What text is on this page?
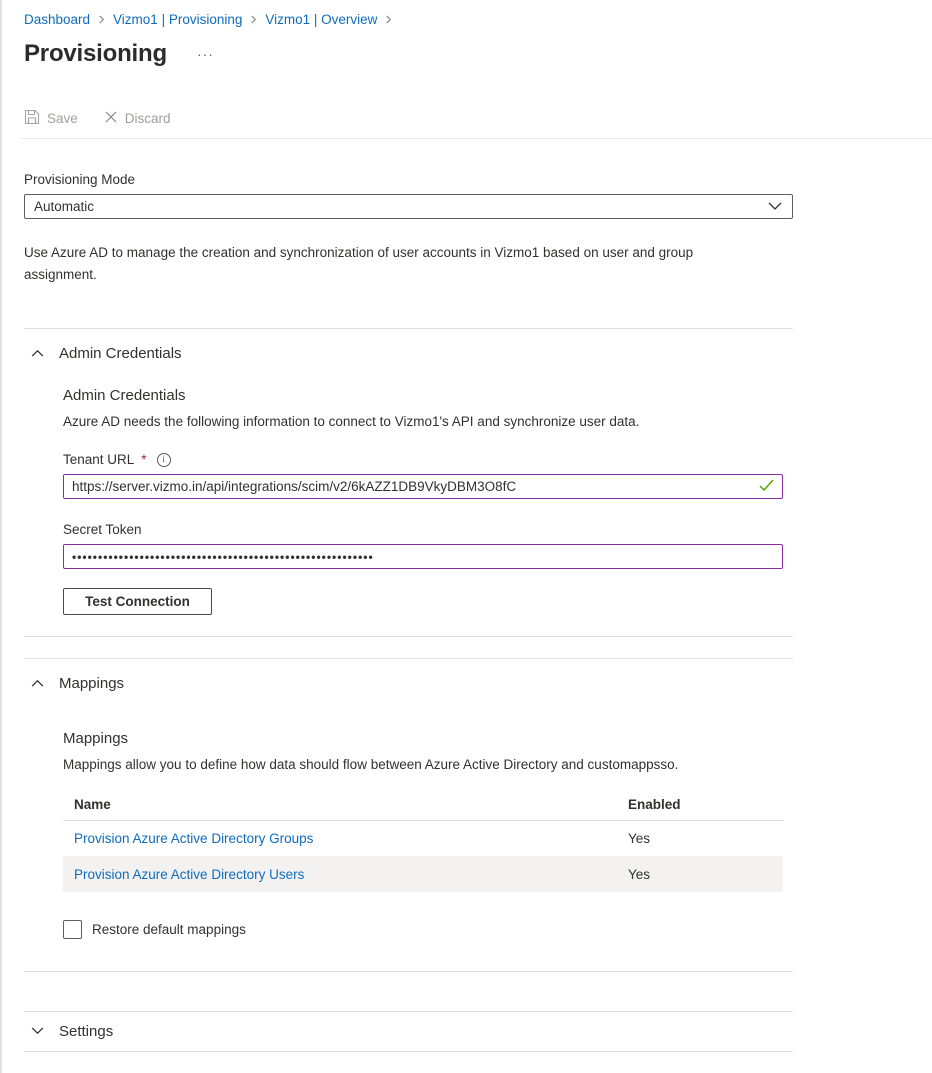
Dashboard Vizmo1 | Provisioning Vizmo1 | Overview
Provisioning ···
Save	Discard
Provisioning Mode
Automatic

Use Azure AD to manage the creation and synchronization of user accounts in Vizmo1 based on user and group assignment.

Admin Credentials
Admin Credentials
Azure AD needs the following information to connect to Vizmo1's API and synchronize user data.
Tenant URL *	i
https://server.vizmo.in/api/integrations/scim/v2/6kAZZ1DB9VkyDBM3O8fC
Secret Token
••••••••••••••••••••••••••••••••••••••••••••••••••••••••••
Test Connection
Mappings
Mappings
Mappings allow you to define how data should flow between Azure Active Directory and customappsso.
Name	Enabled
Provision Azure Active Directory Groups	Yes
Provision Azure Active Directory Users	Yes
Restore default mappings
Settings
